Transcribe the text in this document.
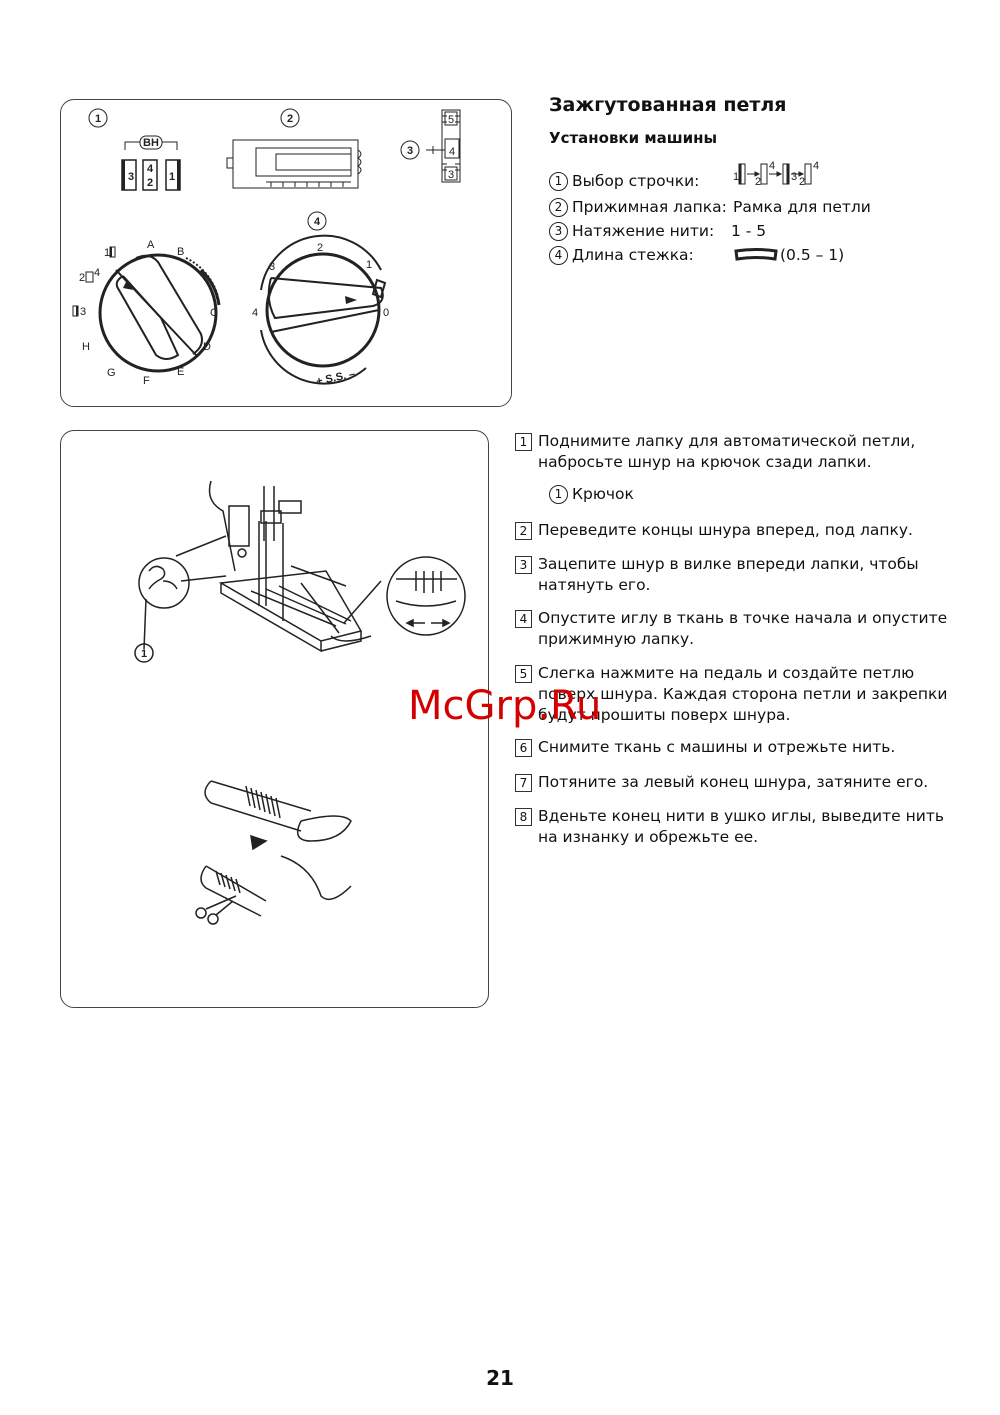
1	2
3
4
BH
3
4
2 1
5
4
3
A
B
C
D
E
F
G
H
1
2 4
3
2
1
0
3
4
+ S.S. –
Зажгутованная петля
Установки машины
1 Выбор строчки:	1 2
4
3 2
4
2 Прижимная лапка: Рамка для петли
3 Натяжение нити: 1 - 5
4 Длина стежка:	(0.5 – 1)
1
1 Поднимите лапку для автоматической петли, набросьте шнур на крючок сзади лапки.
1 Крючок
2 Переведите концы шнура вперед, под лапку.
3 Зацепите шнур в вилке впереди лапки, чтобы натянуть его.
4 Опустите иглу в ткань в точке начала и опустите прижимную лапку.
5 Слегка нажмите на педаль и создайте петлю поверх шнура. Каждая сторона петли и закрепки будут прошиты поверх шнура.
6 Снимите ткань с машины и отрежьте нить.
7 Потяните за левый конец шнура, затяните его.
8 Вденьте конец нити в ушко иглы, выведите нить на изнанку и обрежьте ее.
McGrp.Ru
21
